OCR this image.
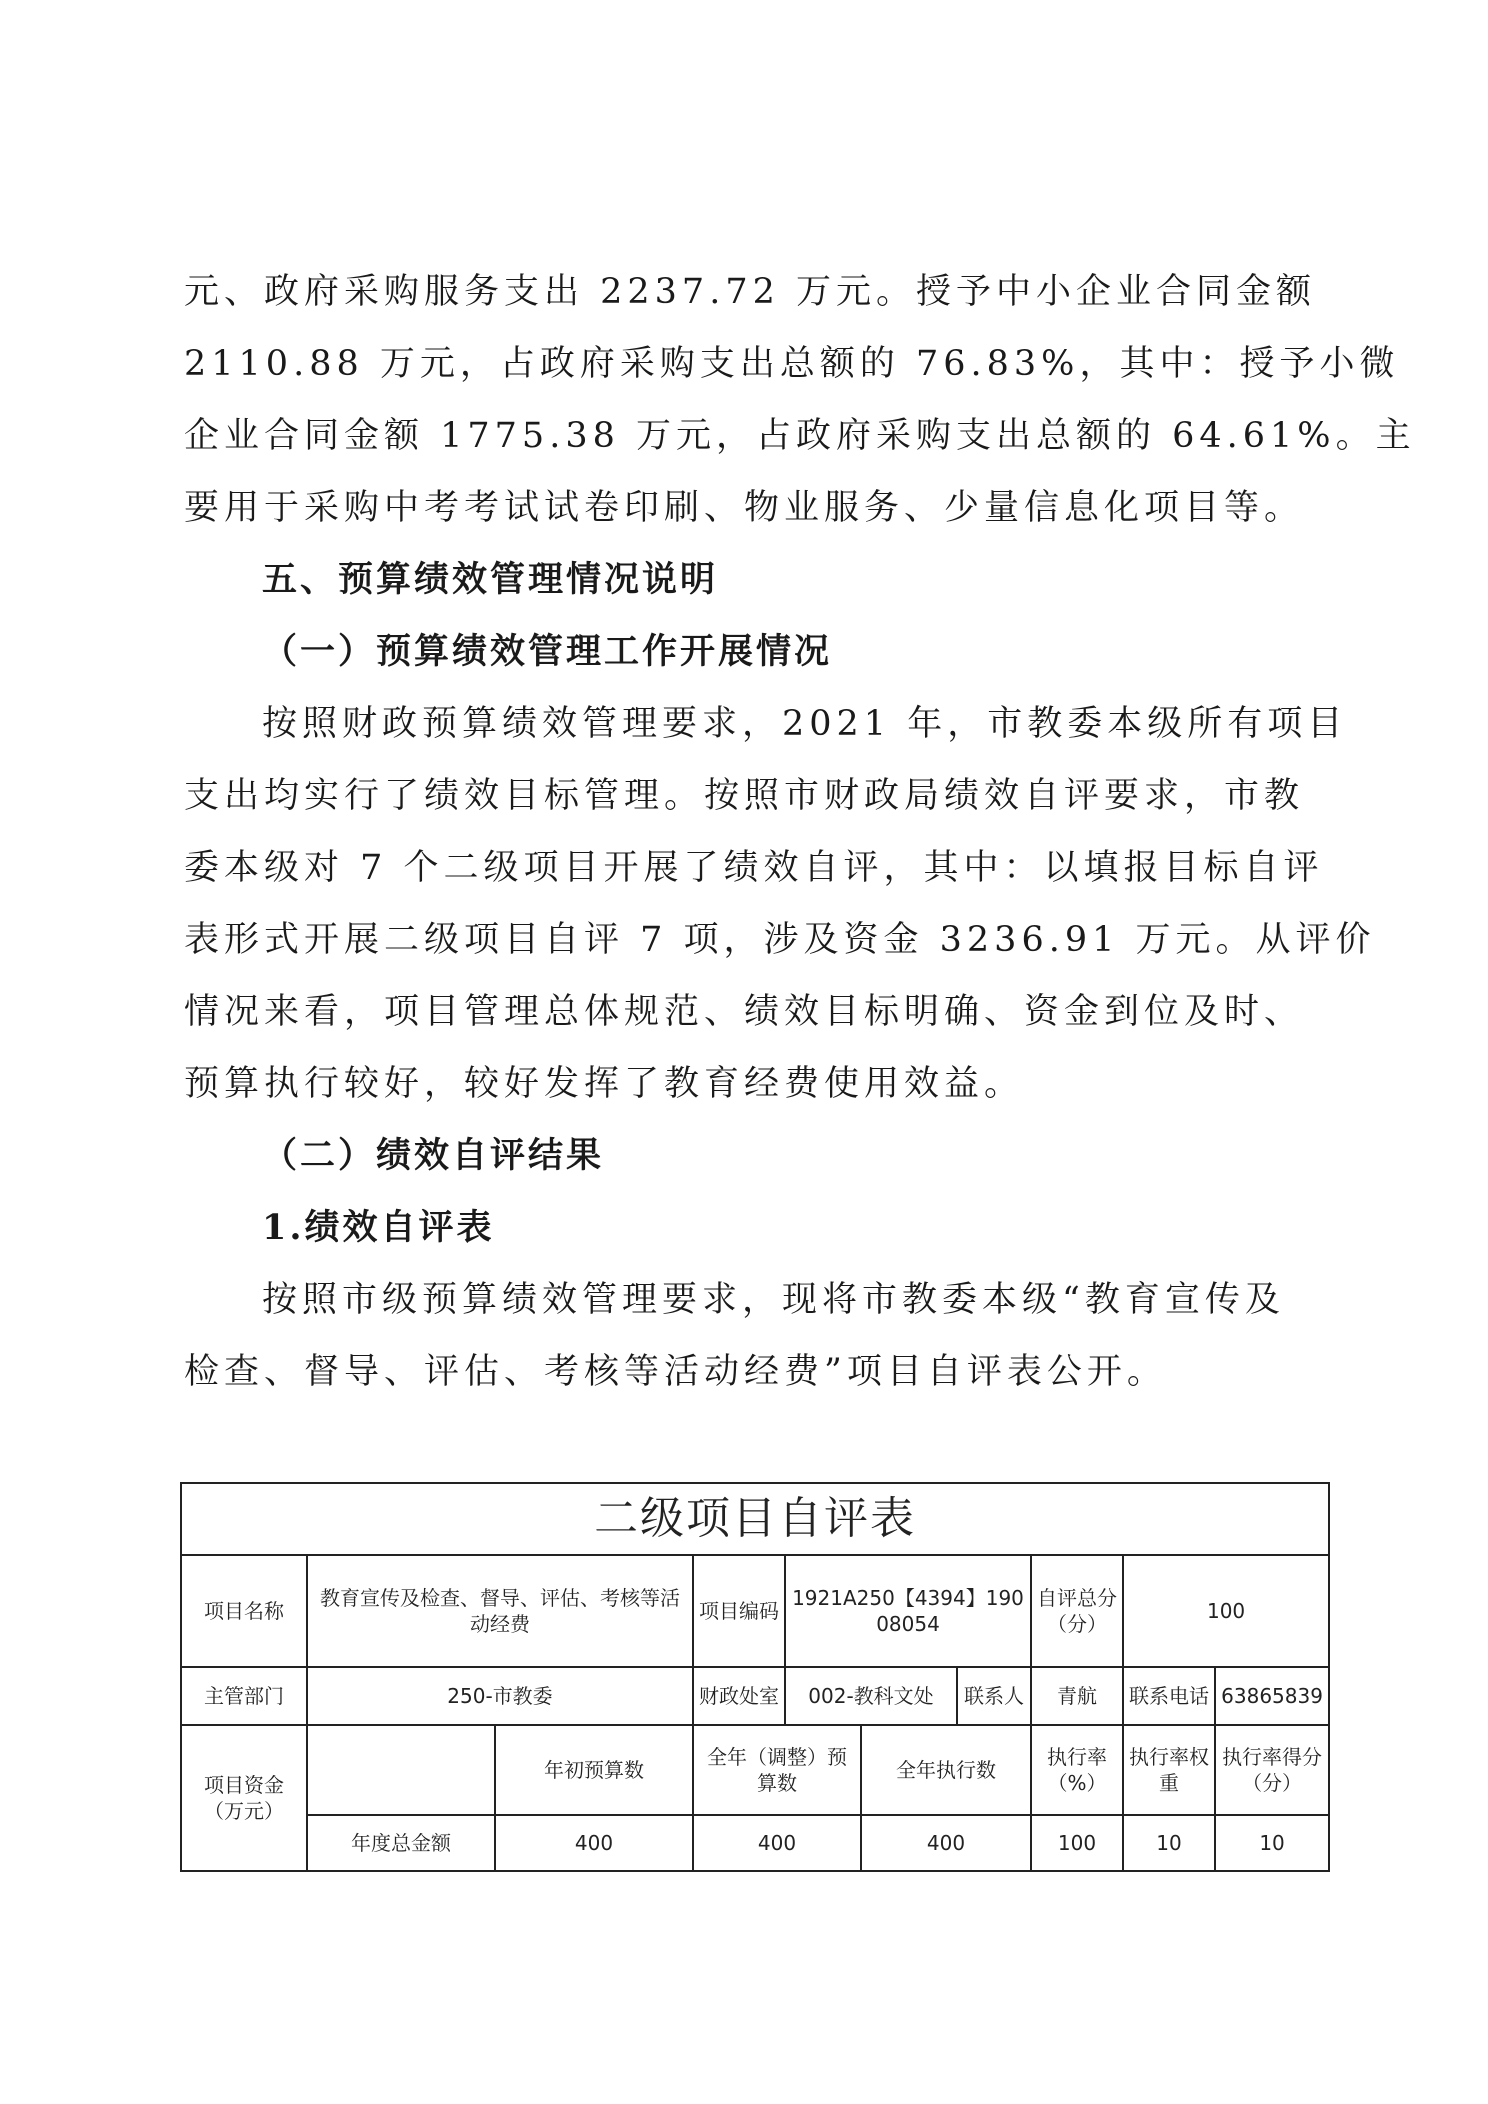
元、政府采购服务支出 2237.72 万元。授予中小企业合同金额
2110.88 万元，占政府采购支出总额的 76.83%，其中：授予小微
企业合同金额 1775.38 万元，占政府采购支出总额的 64.61%。主
要用于采购中考考试试卷印刷、物业服务、少量信息化项目等。
五、预算绩效管理情况说明
（一）预算绩效管理工作开展情况
按照财政预算绩效管理要求，2021 年，市教委本级所有项目
支出均实行了绩效目标管理。按照市财政局绩效自评要求，市教
委本级对 7 个二级项目开展了绩效自评，其中：以填报目标自评
表形式开展二级项目自评 7 项，涉及资金 3236.91 万元。从评价
情况来看，项目管理总体规范、绩效目标明确、资金到位及时、
预算执行较好，较好发挥了教育经费使用效益。
（二）绩效自评结果
1.绩效自评表
按照市级预算绩效管理要求，现将市教委本级“教育宣传及
检查、督导、评估、考核等活动经费”项目自评表公开。
二级项目自评表									
项目名称	教育宣传及检查、督导、评估、考核等活动经费		项目编码	1921A250【4394】19008054			自评总分（分）	100	
主管部门	250-市教委		财政处室	002-教科文处		联系人	青航	联系电话	63865839
项目资金（万元）		年初预算数	全年（调整）预算数		全年执行数		执行率（%）	执行率权重	执行率得分（分）
	年度总金额	400	400		400		100	10	10
